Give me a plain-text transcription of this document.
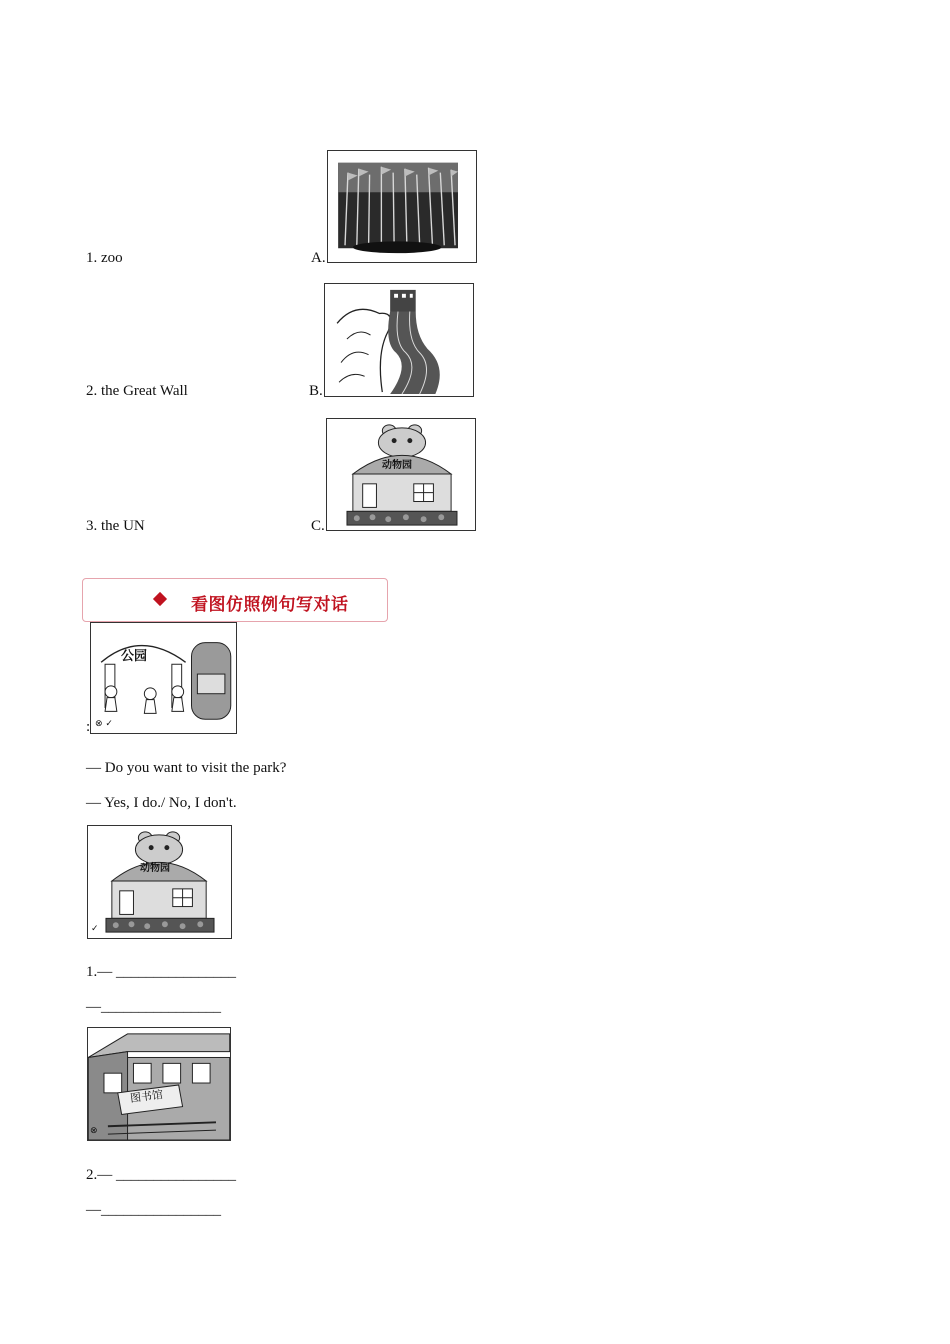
1. zoo	A.
2. the Great Wall	B.
3. the UN	C.
动物园
看图仿照例句写对话
:
公园
⊗ ✓
— Do you want to visit the park?
— Yes, I do./ No, I don't.
动物园
✓
1.— ________________
—________________
图书馆
⊗
2.— ________________
—________________
